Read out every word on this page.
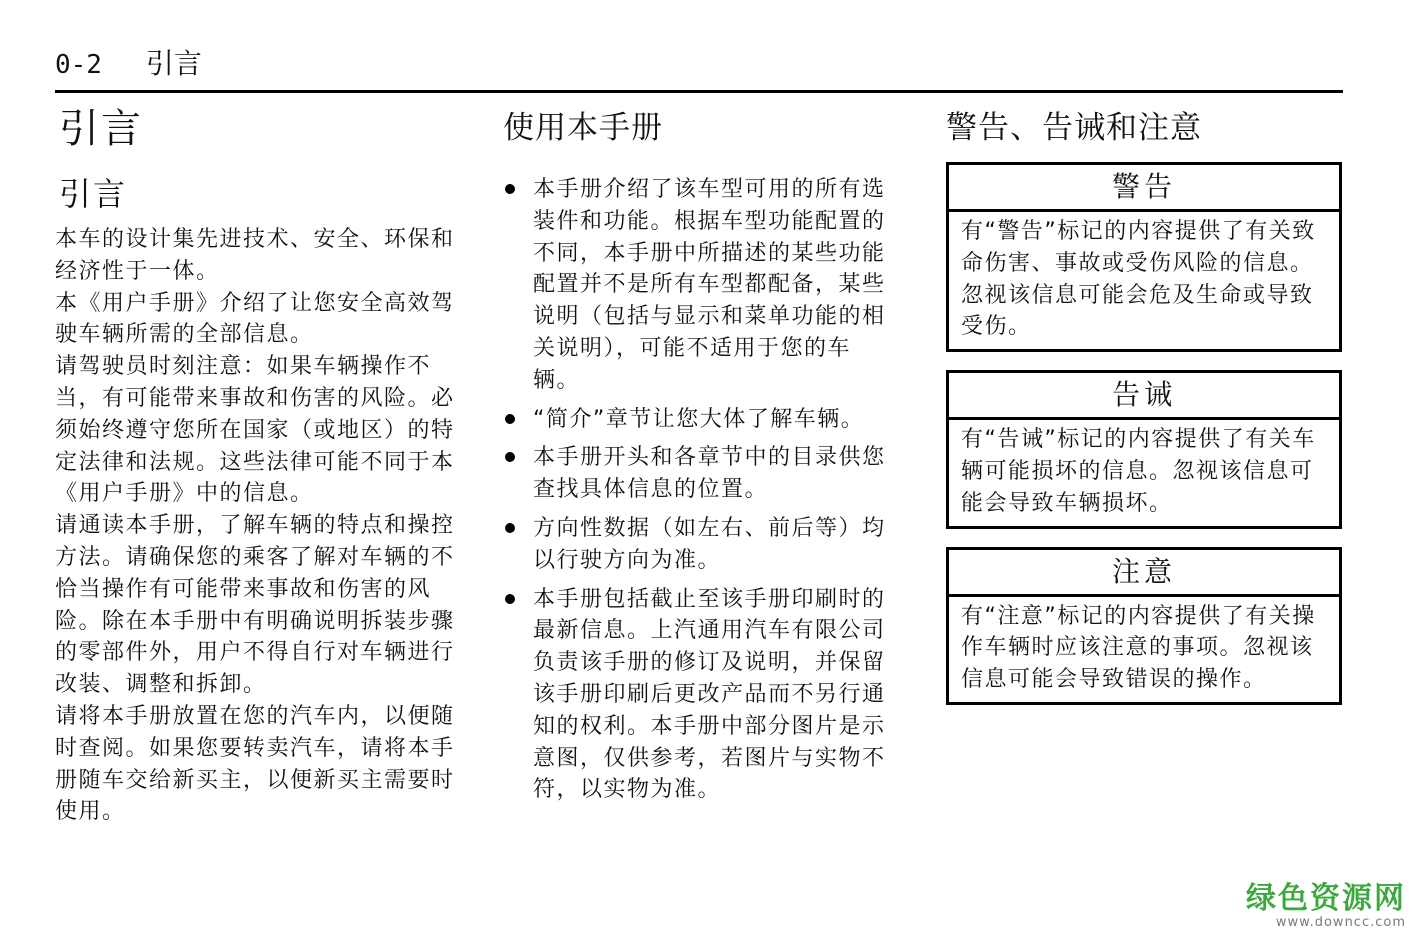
0-2 引言
引言
引言

本车的设计集先进技术、安全、环保和经济性于一体。

本《用户手册》介绍了让您安全高效驾驶车辆所需的全部信息。

请驾驶员时刻注意：如果车辆操作不当，有可能带来事故和伤害的风险。必须始终遵守您所在国家（或地区）的特定法律和法规。这些法律可能不同于本《用户手册》中的信息。

请通读本手册，了解车辆的特点和操控方法。请确保您的乘客了解对车辆的不恰当操作有可能带来事故和伤害的风险。除在本手册中有明确说明拆装步骤的零部件外，用户不得自行对车辆进行改装、调整和拆卸。

请将本手册放置在您的汽车内，以便随时查阅。如果您要转卖汽车，请将本手册随车交给新买主，以便新买主需要时使用。

使用本手册
本手册介绍了该车型可用的所有选装件和功能。根据车型功能配置的不同，本手册中所描述的某些功能配置并不是所有车型都配备，某些说明（包括与显示和菜单功能的相关说明），可能不适用于您的车辆。
“简介”章节让您大体了解车辆。
本手册开头和各章节中的目录供您查找具体信息的位置。
方向性数据（如左右、前后等）均以行驶方向为准。
本手册包括截止至该手册印刷时的最新信息。上汽通用汽车有限公司负责该手册的修订及说明，并保留该手册印刷后更改产品而不另行通知的权利。本手册中部分图片是示意图，仅供参考，若图片与实物不符，以实物为准。
警告、告诫和注意
警告
有“警告”标记的内容提供了有关致命伤害、事故或受伤风险的信息。忽视该信息可能会危及生命或导致受伤。
告诫
有“告诫”标记的内容提供了有关车辆可能损坏的信息。忽视该信息可能会导致车辆损坏。
注意
有“注意”标记的内容提供了有关操作车辆时应该注意的事项。忽视该信息可能会导致错误的操作。
绿色资源网
www.downcc.com
